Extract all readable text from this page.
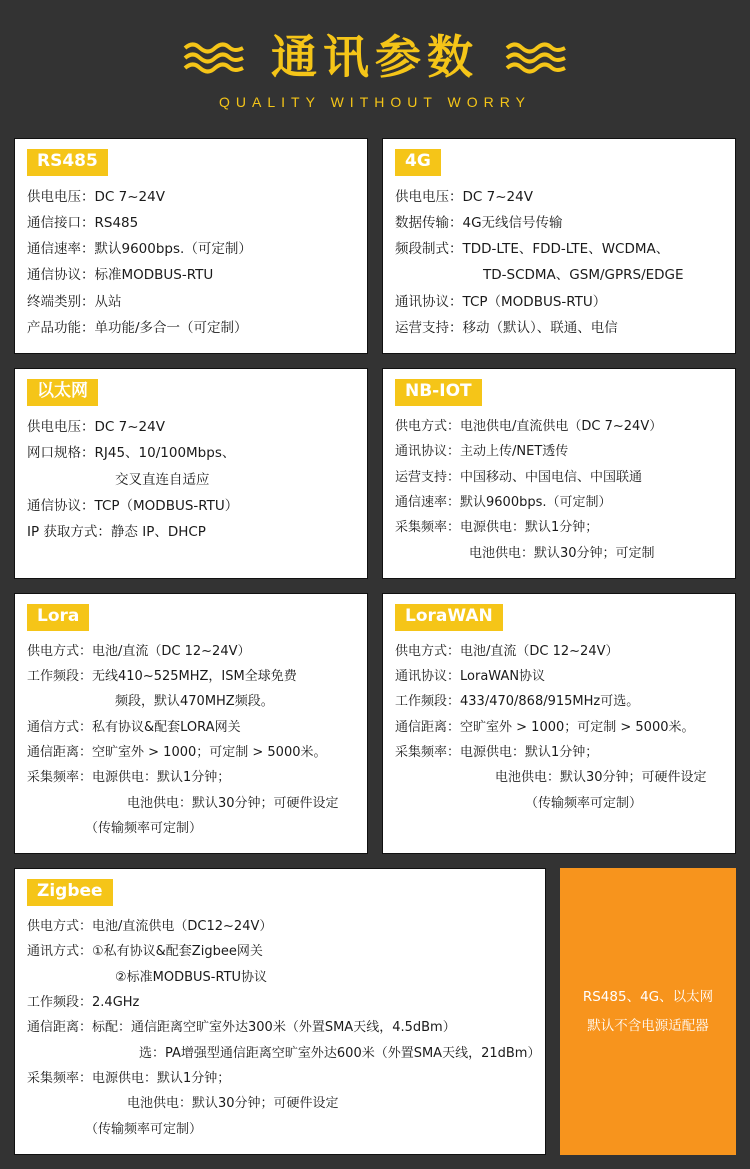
通讯参数
QUALITY WITHOUT WORRY
RS485
供电电压： DC 7~24V
通信接口： RS485
通信速率： 默认9600bps.（可定制）
通信协议： 标准MODBUS-RTU
终端类别： 从站
产品功能： 单功能/多合一（可定制）
4G
供电电压： DC 7~24V
数据传输： 4G无线信号传输
频段制式： TDD-LTE、FDD-LTE、WCDMA、
TD-SCDMA、GSM/GPRS/EDGE
通讯协议： TCP（MODBUS-RTU）
运营支持： 移动（默认）、联通、电信
以太网
供电电压： DC 7~24V
网口规格： RJ45、10/100Mbps、
交叉直连自适应
通信协议： TCP（MODBUS-RTU）
IP 获取方式： 静态 IP、DHCP
NB-IOT
供电方式： 电池供电/直流供电（DC 7~24V）
通讯协议： 主动上传/NET透传
运营支持： 中国移动、中国电信、中国联通
通信速率： 默认9600bps.（可定制）
采集频率： 电源供电：默认1分钟；
电池供电：默认30分钟；可定制
Lora
供电方式： 电池/直流（DC 12~24V）
工作频段： 无线410~525MHZ，ISM全球免费
频段，默认470MHZ频段。
通信方式： 私有协议&配套LORA网关
通信距离： 空旷室外 > 1000；可定制 > 5000米。
采集频率： 电源供电：默认1分钟；
电池供电：默认30分钟；可硬件设定
（传输频率可定制）
LoraWAN
供电方式： 电池/直流（DC 12~24V）
通讯协议： LoraWAN协议
工作频段： 433/470/868/915MHz可选。
通信距离： 空旷室外 > 1000；可定制 > 5000米。
采集频率： 电源供电：默认1分钟；
电池供电：默认30分钟；可硬件设定
（传输频率可定制）
Zigbee
供电方式： 电池/直流供电（DC12~24V）
通讯方式： ①私有协议&配套Zigbee网关
②标准MODBUS-RTU协议
工作频段： 2.4GHz
通信距离： 标配：通信距离空旷室外达300米（外置SMA天线，4.5dBm）
选：PA增强型通信距离空旷室外达600米（外置SMA天线，21dBm）
采集频率： 电源供电：默认1分钟；
电池供电：默认30分钟；可硬件设定
（传输频率可定制）
RS485、4G、以太网
默认不含电源适配器
